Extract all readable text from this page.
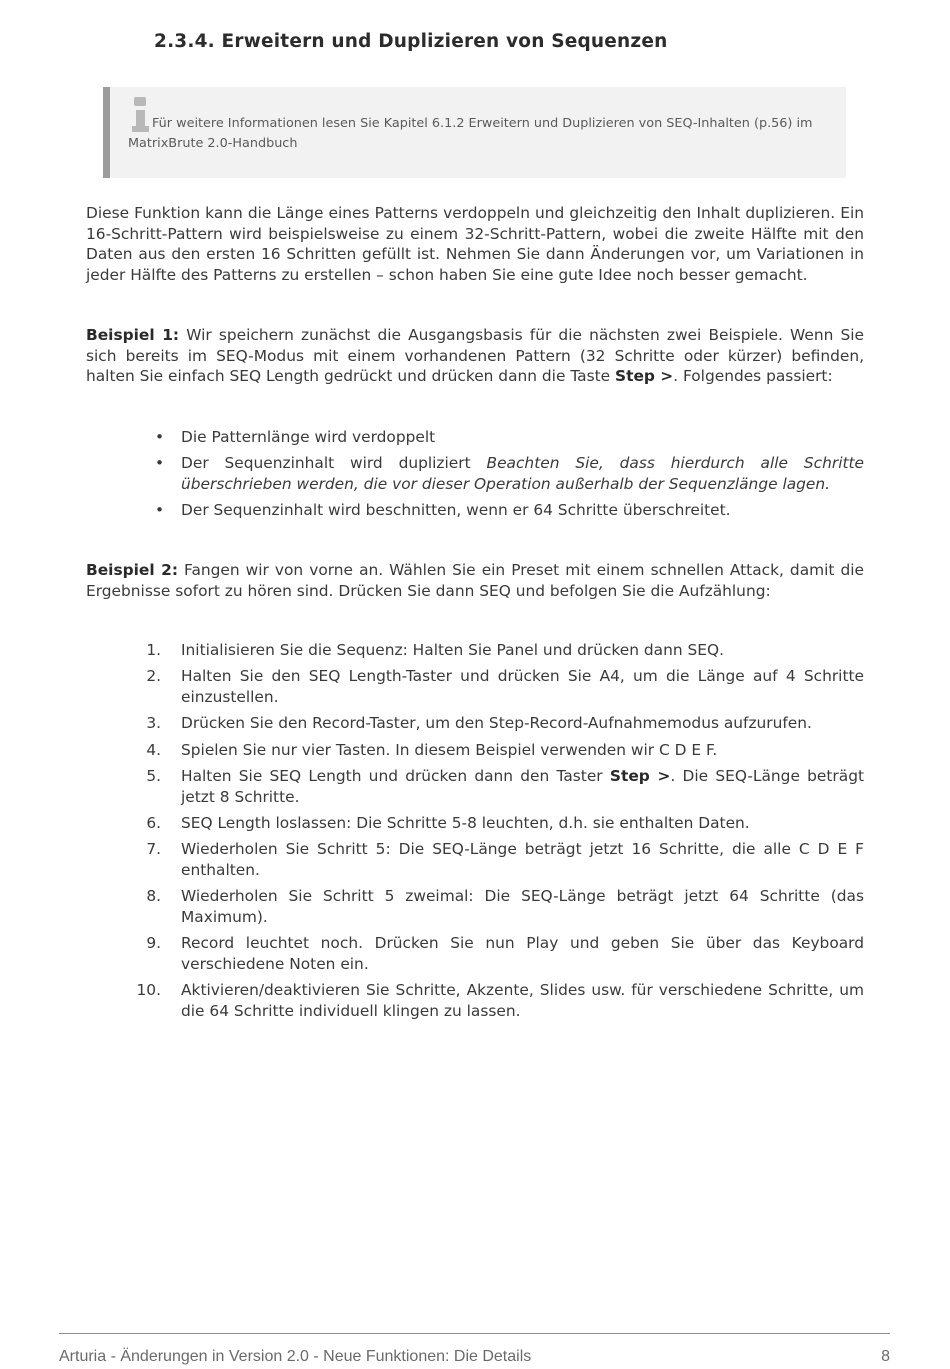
2.3.4. Erweitern und Duplizieren von Sequenzen
Für weitere Informationen lesen Sie Kapitel 6.1.2 Erweitern und Duplizieren von SEQ-Inhalten (p.56) im MatrixBrute 2.0-Handbuch

Diese Funktion kann die Länge eines Patterns verdoppeln und gleichzeitig den Inhalt duplizieren. Ein 16-Schritt-Pattern wird beispielsweise zu einem 32-Schritt-Pattern, wobei die zweite Hälfte mit den Daten aus den ersten 16 Schritten gefüllt ist. Nehmen Sie dann Änderungen vor, um Variationen in jeder Hälfte des Patterns zu erstellen – schon haben Sie eine gute Idee noch besser gemacht.

Beispiel 1: Wir speichern zunächst die Ausgangsbasis für die nächsten zwei Beispiele. Wenn Sie sich bereits im SEQ-Modus mit einem vorhandenen Pattern (32 Schritte oder kürzer) befinden, halten Sie einfach SEQ Length gedrückt und drücken dann die Taste Step >. Folgendes passiert:

• Die Patternlänge wird verdoppelt
• Der Sequenzinhalt wird dupliziert Beachten Sie, dass hierdurch alle Schritte überschrieben werden, die vor dieser Operation außerhalb der Sequenzlänge lagen.
• Der Sequenzinhalt wird beschnitten, wenn er 64 Schritte überschreitet.

Beispiel 2: Fangen wir von vorne an. Wählen Sie ein Preset mit einem schnellen Attack, damit die Ergebnisse sofort zu hören sind. Drücken Sie dann SEQ und befolgen Sie die Aufzählung:

1. Initialisieren Sie die Sequenz: Halten Sie Panel und drücken dann SEQ.
2. Halten Sie den SEQ Length-Taster und drücken Sie A4, um die Länge auf 4 Schritte einzustellen.
3. Drücken Sie den Record-Taster, um den Step-Record-Aufnahmemodus aufzurufen.
4. Spielen Sie nur vier Tasten. In diesem Beispiel verwenden wir C D E F.
5. Halten Sie SEQ Length und drücken dann den Taster Step >. Die SEQ-Länge beträgt jetzt 8 Schritte.
6. SEQ Length loslassen: Die Schritte 5-8 leuchten, d.h. sie enthalten Daten.
7. Wiederholen Sie Schritt 5: Die SEQ-Länge beträgt jetzt 16 Schritte, die alle C D E F enthalten.
8. Wiederholen Sie Schritt 5 zweimal: Die SEQ-Länge beträgt jetzt 64 Schritte (das Maximum).
9. Record leuchtet noch. Drücken Sie nun Play und geben Sie über das Keyboard verschiedene Noten ein.
10. Aktivieren/deaktivieren Sie Schritte, Akzente, Slides usw. für verschiedene Schritte, um die 64 Schritte individuell klingen zu lassen.
Arturia - Änderungen in Version 2.0 - Neue Funktionen: Die Details	8
